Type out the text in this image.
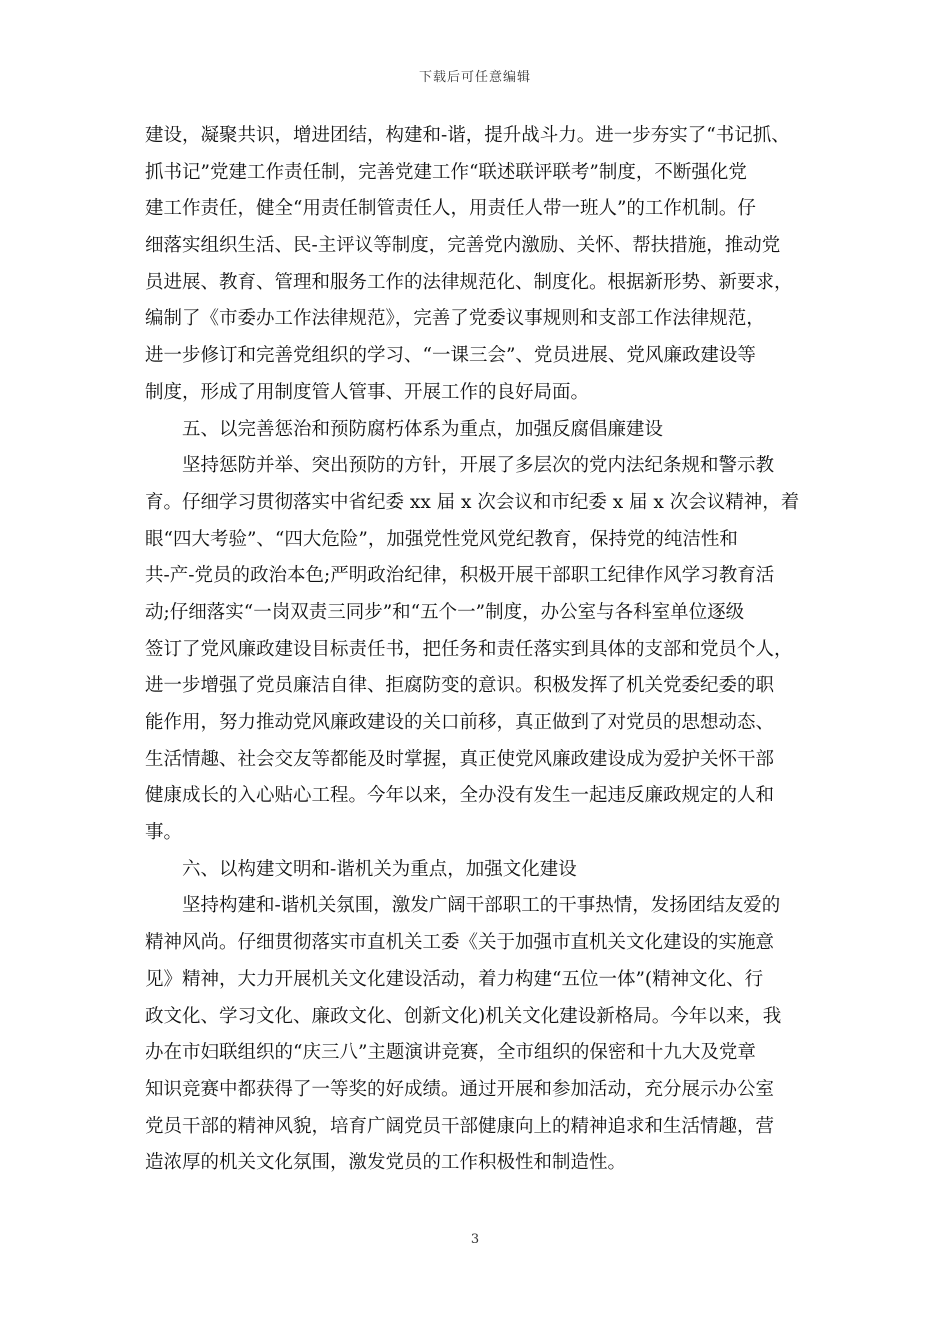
下载后可任意编辑
建设，凝聚共识，增进团结，构建和-谐，提升战斗力。进一步夯实了“书记抓、
抓书记”党建工作责任制，完善党建工作“联述联评联考”制度，不断强化党
建工作责任，健全“用责任制管责任人，用责任人带一班人”的工作机制。仔
细落实组织生活、民-主评议等制度，完善党内激励、关怀、帮扶措施，推动党
员进展、教育、管理和服务工作的法律规范化、制度化。根据新形势、新要求，
编制了《市委办工作法律规范》，完善了党委议事规则和支部工作法律规范，
进一步修订和完善党组织的学习、“一课三会”、党员进展、党风廉政建设等
制度，形成了用制度管人管事、开展工作的良好局面。
五、以完善惩治和预防腐朽体系为重点，加强反腐倡廉建设
坚持惩防并举、突出预防的方针，开展了多层次的党内法纪条规和警示教
育。仔细学习贯彻落实中省纪委 xx 届 x 次会议和市纪委 x 届 x 次会议精神，着
眼“四大考验”、“四大危险”，加强党性党风党纪教育，保持党的纯洁性和
共-产-党员的政治本色;严明政治纪律，积极开展干部职工纪律作风学习教育活
动;仔细落实“一岗双责三同步”和“五个一”制度，办公室与各科室单位逐级
签订了党风廉政建设目标责任书，把任务和责任落实到具体的支部和党员个人，
进一步增强了党员廉洁自律、拒腐防变的意识。积极发挥了机关党委纪委的职
能作用，努力推动党风廉政建设的关口前移，真正做到了对党员的思想动态、
生活情趣、社会交友等都能及时掌握，真正使党风廉政建设成为爱护关怀干部
健康成长的入心贴心工程。今年以来，全办没有发生一起违反廉政规定的人和
事。
六、以构建文明和-谐机关为重点，加强文化建设
坚持构建和-谐机关氛围，激发广阔干部职工的干事热情，发扬团结友爱的
精神风尚。仔细贯彻落实市直机关工委《关于加强市直机关文化建设的实施意
见》精神，大力开展机关文化建设活动，着力构建“五位一体”(精神文化、行
政文化、学习文化、廉政文化、创新文化)机关文化建设新格局。今年以来，我
办在市妇联组织的“庆三八”主题演讲竞赛，全市组织的保密和十九大及党章
知识竞赛中都获得了一等奖的好成绩。通过开展和参加活动，充分展示办公室
党员干部的精神风貌，培育广阔党员干部健康向上的精神追求和生活情趣，营
造浓厚的机关文化氛围，激发党员的工作积极性和制造性。
3
